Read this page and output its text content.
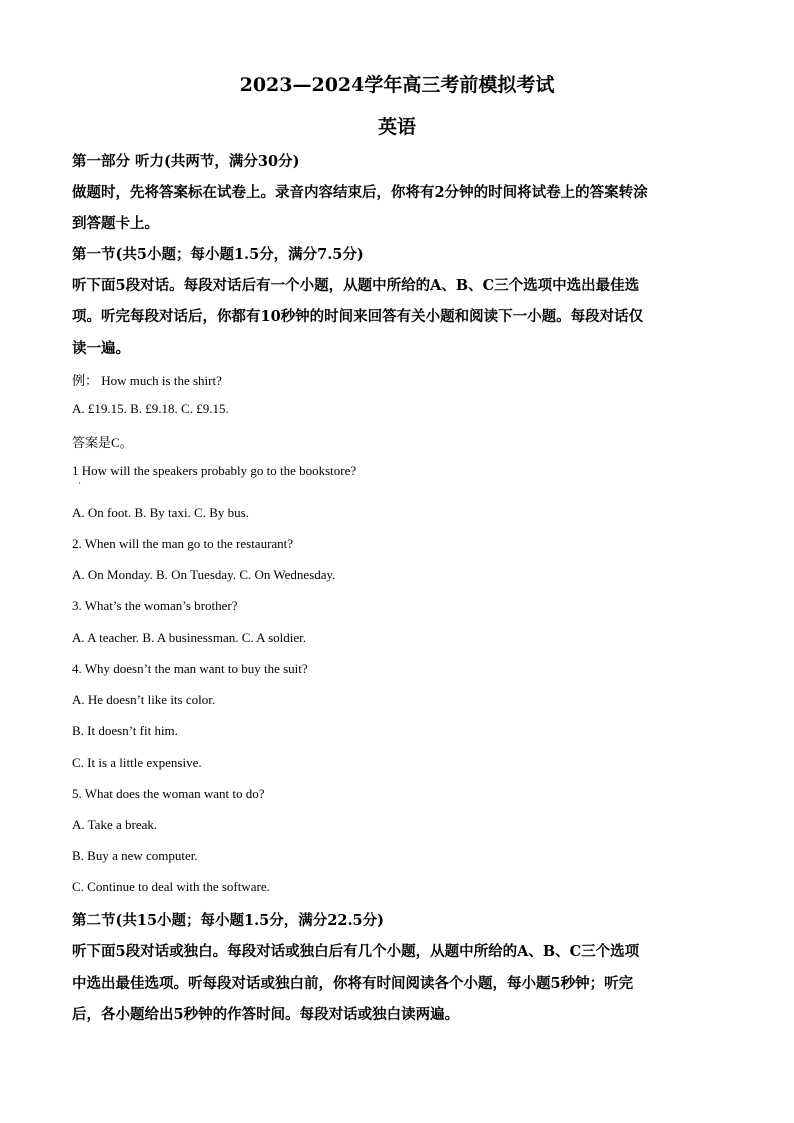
2023—2024学年高三考前模拟考试
英语

第一部分 听力(共两节，满分30分)

做题时，先将答案标在试卷上。录音内容结束后，你将有2分钟的时间将试卷上的答案转涂

到答题卡上。

第一节(共5小题；每小题1.5分，满分7.5分)

听下面5段对话。每段对话后有一个小题，从题中所给的A、B、C三个选项中选出最佳选

项。听完每段对话后，你都有10秒钟的时间来回答有关小题和阅读下一小题。每段对话仅

读一遍。

例： How much is the shirt?

A. £19.15. B. £9.18. C. £9.15.

答案是C。

1 How will the speakers probably go to the bookstore?

·

A. On foot. B. By taxi. C. By bus.

2. When will the man go to the restaurant?

A. On Monday. B. On Tuesday. C. On Wednesday.

3. What’s the woman’s brother?

A. A teacher. B. A businessman. C. A soldier.

4. Why doesn’t the man want to buy the suit?

A. He doesn’t like its color.

B. It doesn’t fit him.

C. It is a little expensive.

5. What does the woman want to do?

A. Take a break.

B. Buy a new computer.

C. Continue to deal with the software.

第二节(共15小题；每小题1.5分，满分22.5分)

听下面5段对话或独白。每段对话或独白后有几个小题，从题中所给的A、B、C三个选项

中选出最佳选项。听每段对话或独白前，你将有时间阅读各个小题，每小题5秒钟；听完

后，各小题给出5秒钟的作答时间。每段对话或独白读两遍。
